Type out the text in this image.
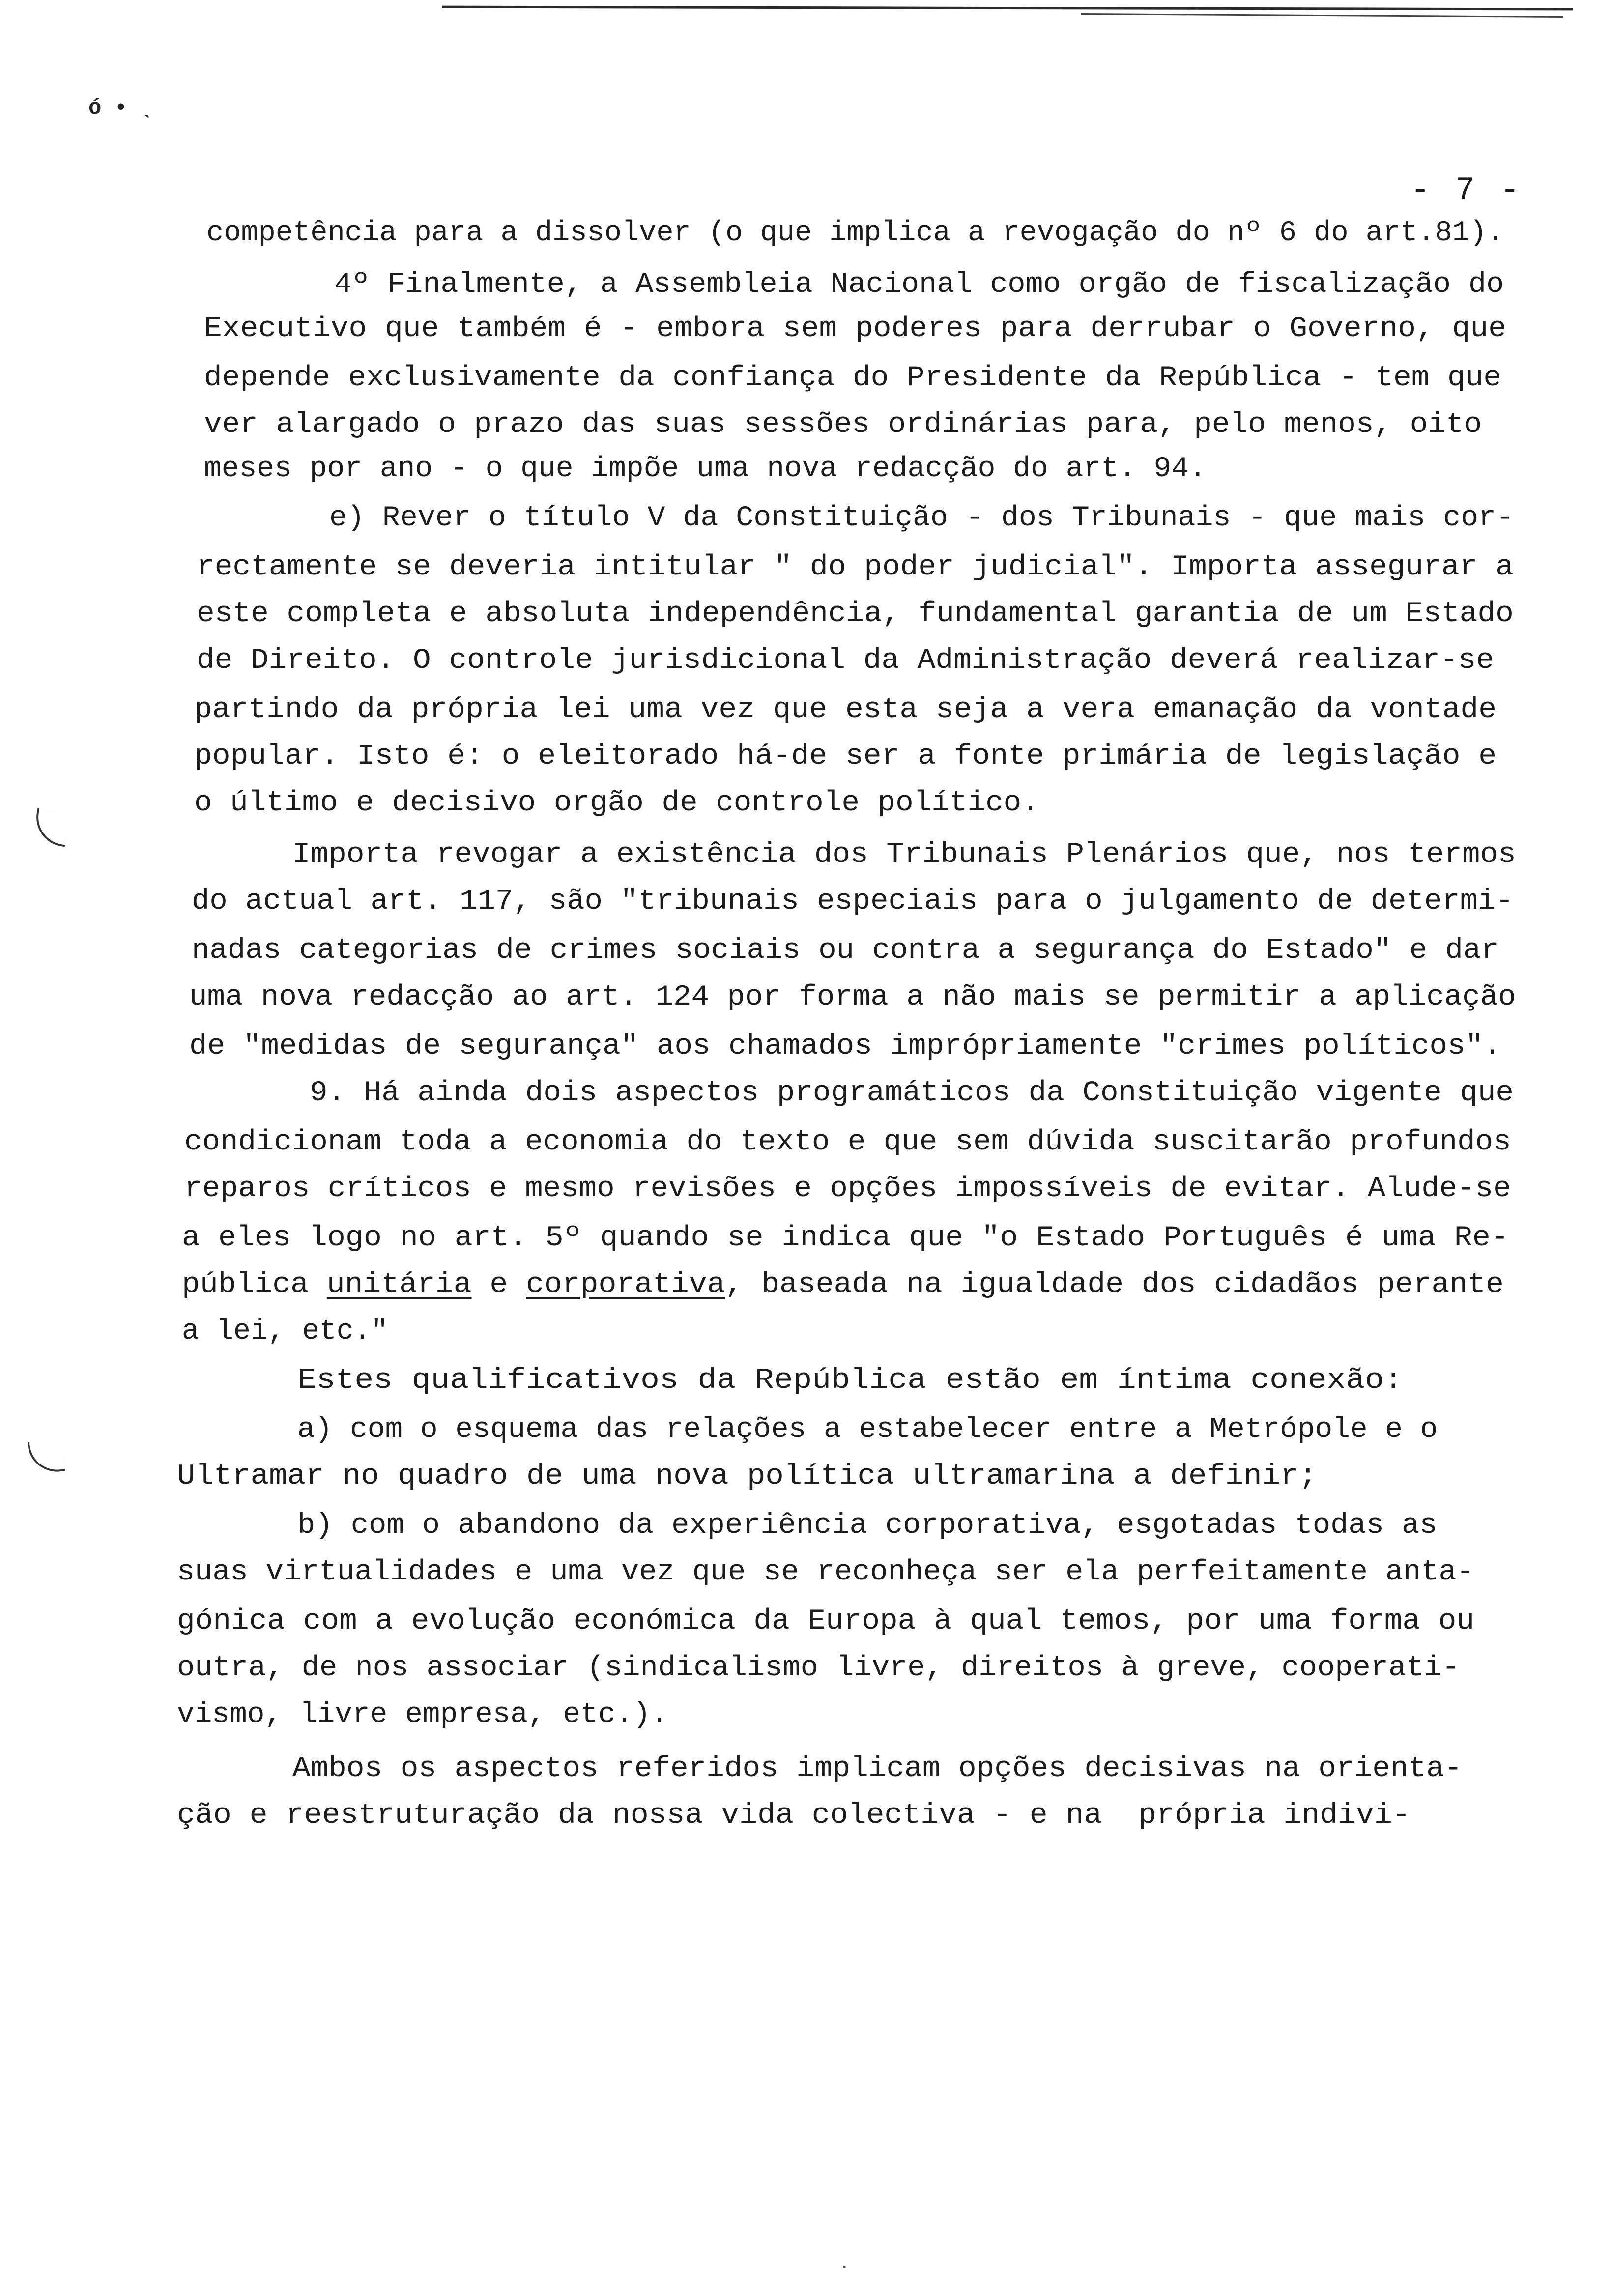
ó • ˎ
- 7 -
competência para a dissolver (o que implica a revogação do nº 6 do art.81).
4º Finalmente, a Assembleia Nacional como orgão de fiscalização do
Executivo que também é - embora sem poderes para derrubar o Governo, que
depende exclusivamente da confiança do Presidente da República - tem que
ver alargado o prazo das suas sessões ordinárias para, pelo menos, oito
meses por ano - o que impõe uma nova redacção do art. 94.
e) Rever o título V da Constituição - dos Tribunais - que mais cor-
rectamente se deveria intitular " do poder judicial". Importa assegurar a
este completa e absoluta independência, fundamental garantia de um Estado
de Direito. O controle jurisdicional da Administração deverá realizar-se
partindo da própria lei uma vez que esta seja a vera emanação da vontade
popular. Isto é: o eleitorado há-de ser a fonte primária de legislação e
o último e decisivo orgão de controle político.
Importa revogar a existência dos Tribunais Plenários que, nos termos
do actual art. 117, são "tribunais especiais para o julgamento de determi-
nadas categorias de crimes sociais ou contra a segurança do Estado" e dar
uma nova redacção ao art. 124 por forma a não mais se permitir a aplicação
de "medidas de segurança" aos chamados imprópriamente "crimes políticos".
9. Há ainda dois aspectos programáticos da Constituição vigente que
condicionam toda a economia do texto e que sem dúvida suscitarão profundos
reparos críticos e mesmo revisões e opções impossíveis de evitar. Alude-se
a eles logo no art. 5º quando se indica que "o Estado Português é uma Re-
pública unitária e corporativa, baseada na igualdade dos cidadãos perante
a lei, etc."
Estes qualificativos da República estão em íntima conexão:
a) com o esquema das relações a estabelecer entre a Metrópole e o
Ultramar no quadro de uma nova política ultramarina a definir;
b) com o abandono da experiência corporativa, esgotadas todas as
suas virtualidades e uma vez que se reconheça ser ela perfeitamente anta-
gónica com a evolução económica da Europa à qual temos, por uma forma ou
outra, de nos associar (sindicalismo livre, direitos à greve, cooperati-
vismo, livre empresa, etc.).
Ambos os aspectos referidos implicam opções decisivas na orienta-
ção e reestruturação da nossa vida colectiva - e na  própria indivi-
